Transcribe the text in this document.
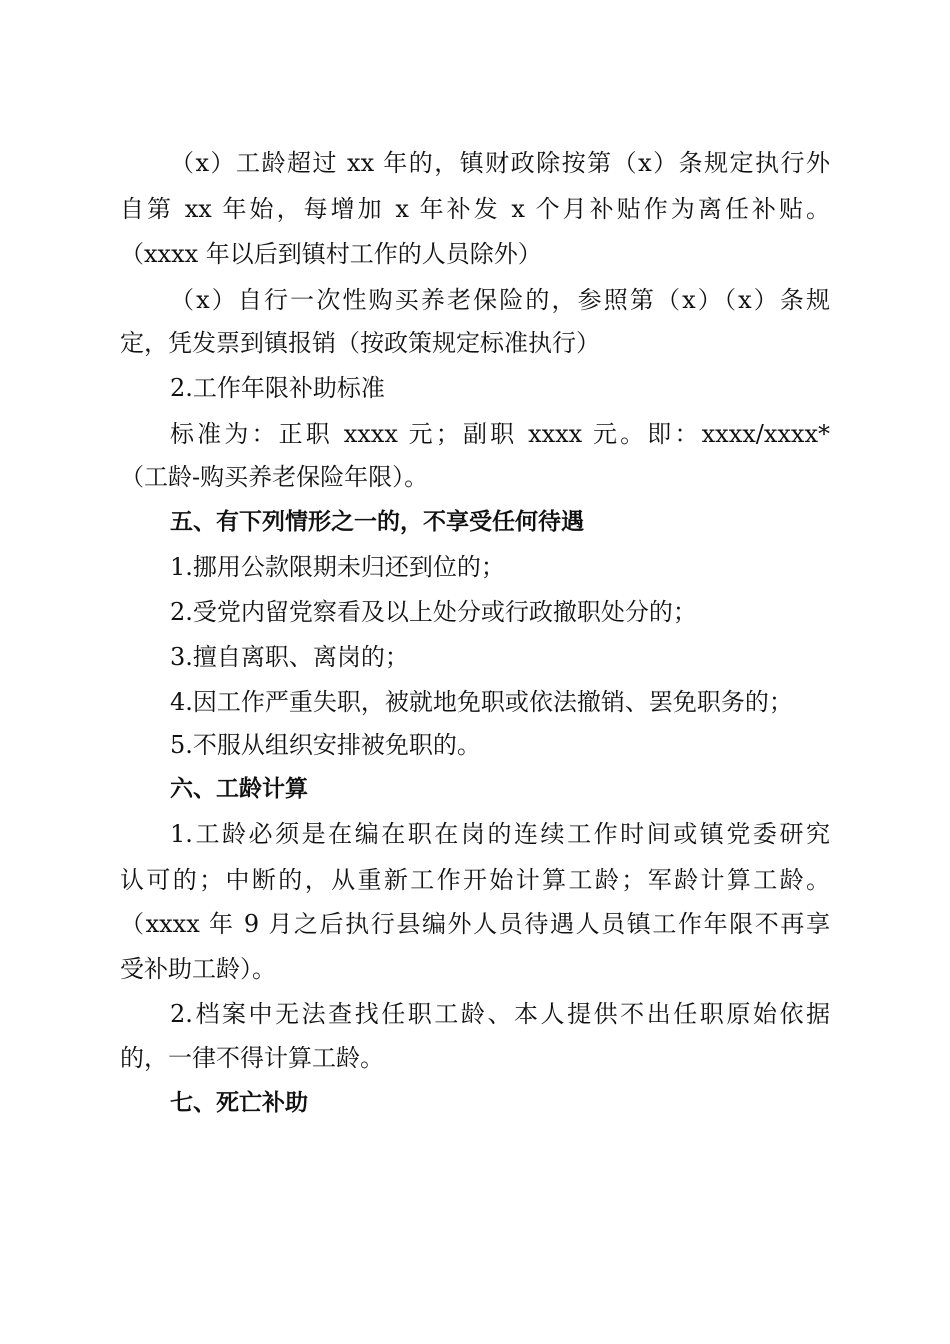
（x）工龄超过 xx 年的，镇财政除按第（x）条规定执行外
自第 xx 年始，每增加 x 年补发 x 个月补贴作为离任补贴。
（xxxx 年以后到镇村工作的人员除外）
（x）自行一次性购买养老保险的，参照第（x）（x）条规
定，凭发票到镇报销（按政策规定标准执行）
2.工作年限补助标准
标准为：正职 xxxx 元；副职 xxxx 元。即：xxxx/xxxx*
（工龄-购买养老保险年限）。
五、有下列情形之一的，不享受任何待遇
1.挪用公款限期未归还到位的；
2.受党内留党察看及以上处分或行政撤职处分的；
3.擅自离职、离岗的；
4.因工作严重失职，被就地免职或依法撤销、罢免职务的；
5.不服从组织安排被免职的。
六、工龄计算
1.工龄必须是在编在职在岗的连续工作时间或镇党委研究
认可的；中断的，从重新工作开始计算工龄；军龄计算工龄。
（xxxx 年 9 月之后执行县编外人员待遇人员镇工作年限不再享
受补助工龄）。
2.档案中无法查找任职工龄、本人提供不出任职原始依据
的，一律不得计算工龄。
七、死亡补助
